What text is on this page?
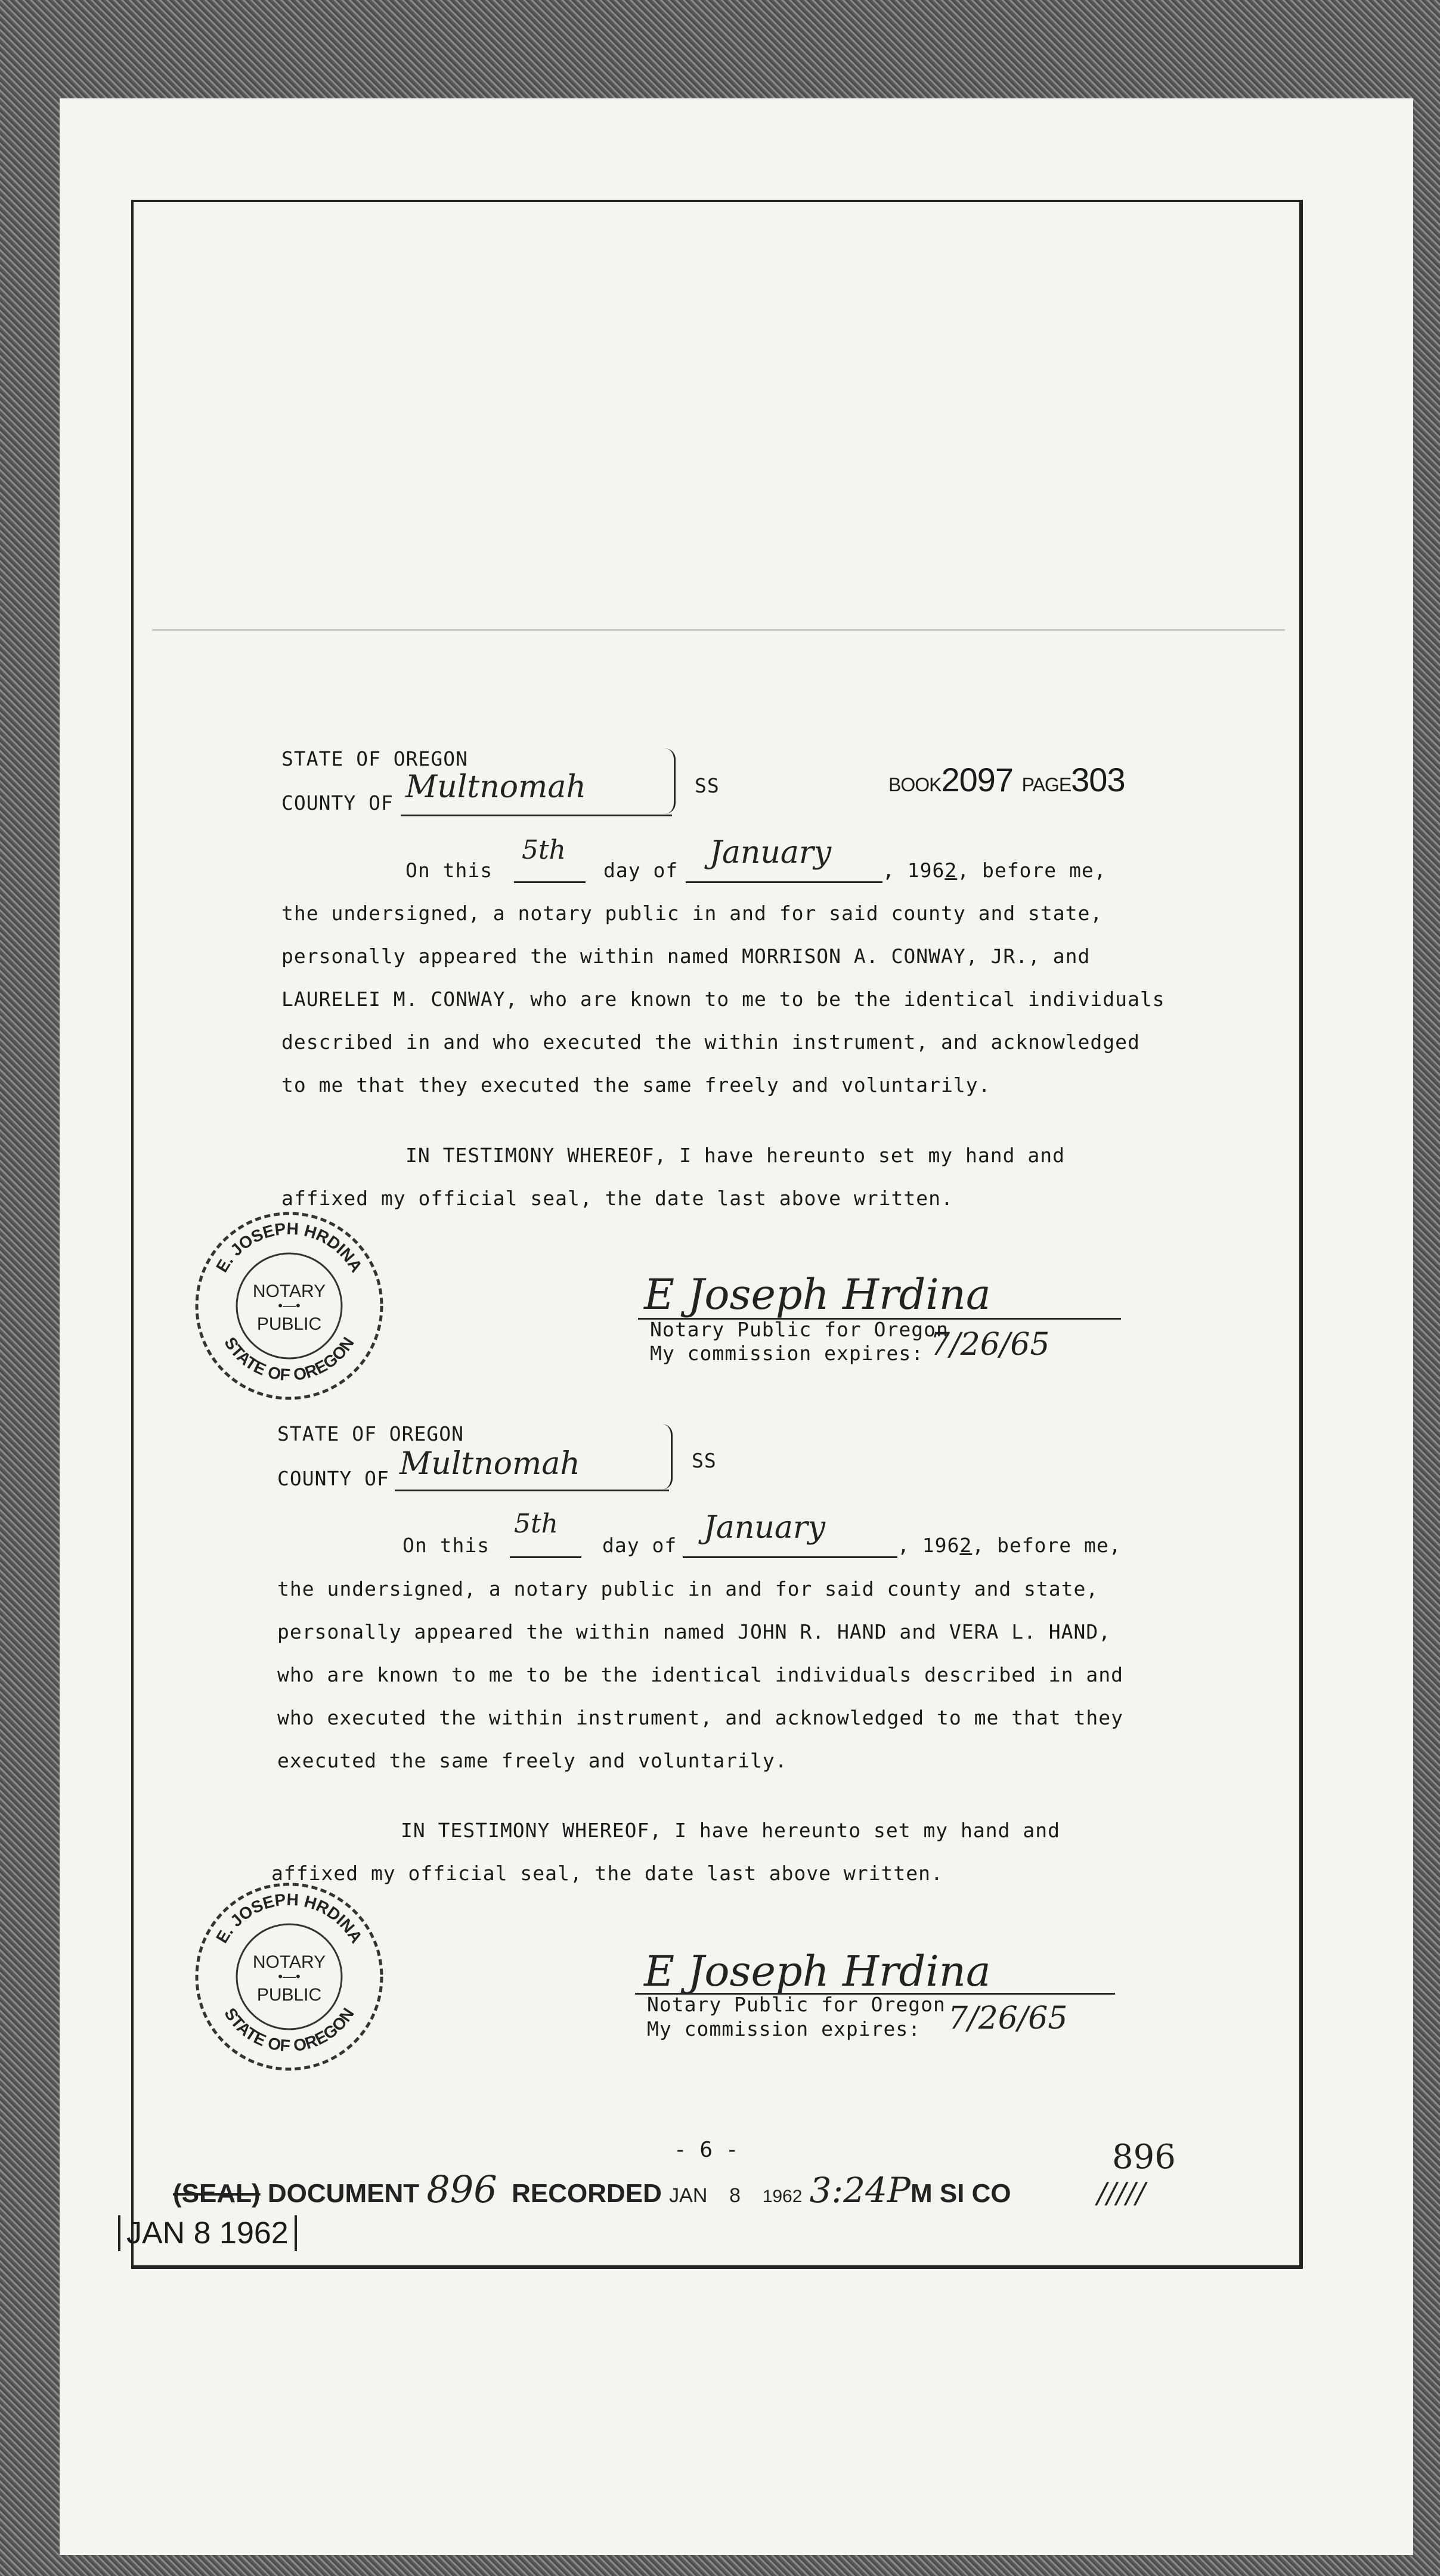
BOOK2097 PAGE303
STATE OF OREGON
COUNTY OF Multnomah	SS
On this
5th
day of January	, 1962, before me,
the undersigned, a notary public in and for said county and state,
personally appeared the within named MORRISON A. CONWAY, JR., and
LAURELEI M. CONWAY, who are known to me to be the identical individuals
described in and who executed the within instrument, and acknowledged
to me that they executed the same freely and voluntarily.
IN TESTIMONY WHEREOF, I have hereunto set my hand and
affixed my official seal, the date last above written.
E Joseph Hrdina
Notary Public for Oregon
My commission expires: 7/26/65
E. JOSEPH HRDINA
STATE OF OREGON
NOTARY
•—•
PUBLIC
STATE OF OREGON
COUNTY OF Multnomah	SS
On this
5th
day of January	, 1962, before me,
the undersigned, a notary public in and for said county and state,
personally appeared the within named JOHN R. HAND and VERA L. HAND,
who are known to me to be the identical individuals described in and
who executed the within instrument, and acknowledged to me that they
executed the same freely and voluntarily.
IN TESTIMONY WHEREOF, I have hereunto set my hand and
affixed my official seal, the date last above written.
E Joseph Hrdina
Notary Public for Oregon
My commission expires: 7/26/65
E. JOSEPH HRDINA
STATE OF OREGON
NOTARY
•—•
PUBLIC
- 6 -
(SEAL) DOCUMENT 896 RECORDED JAN 8 1962 3:24PM SI CO
896
/////
JAN 8 1962
